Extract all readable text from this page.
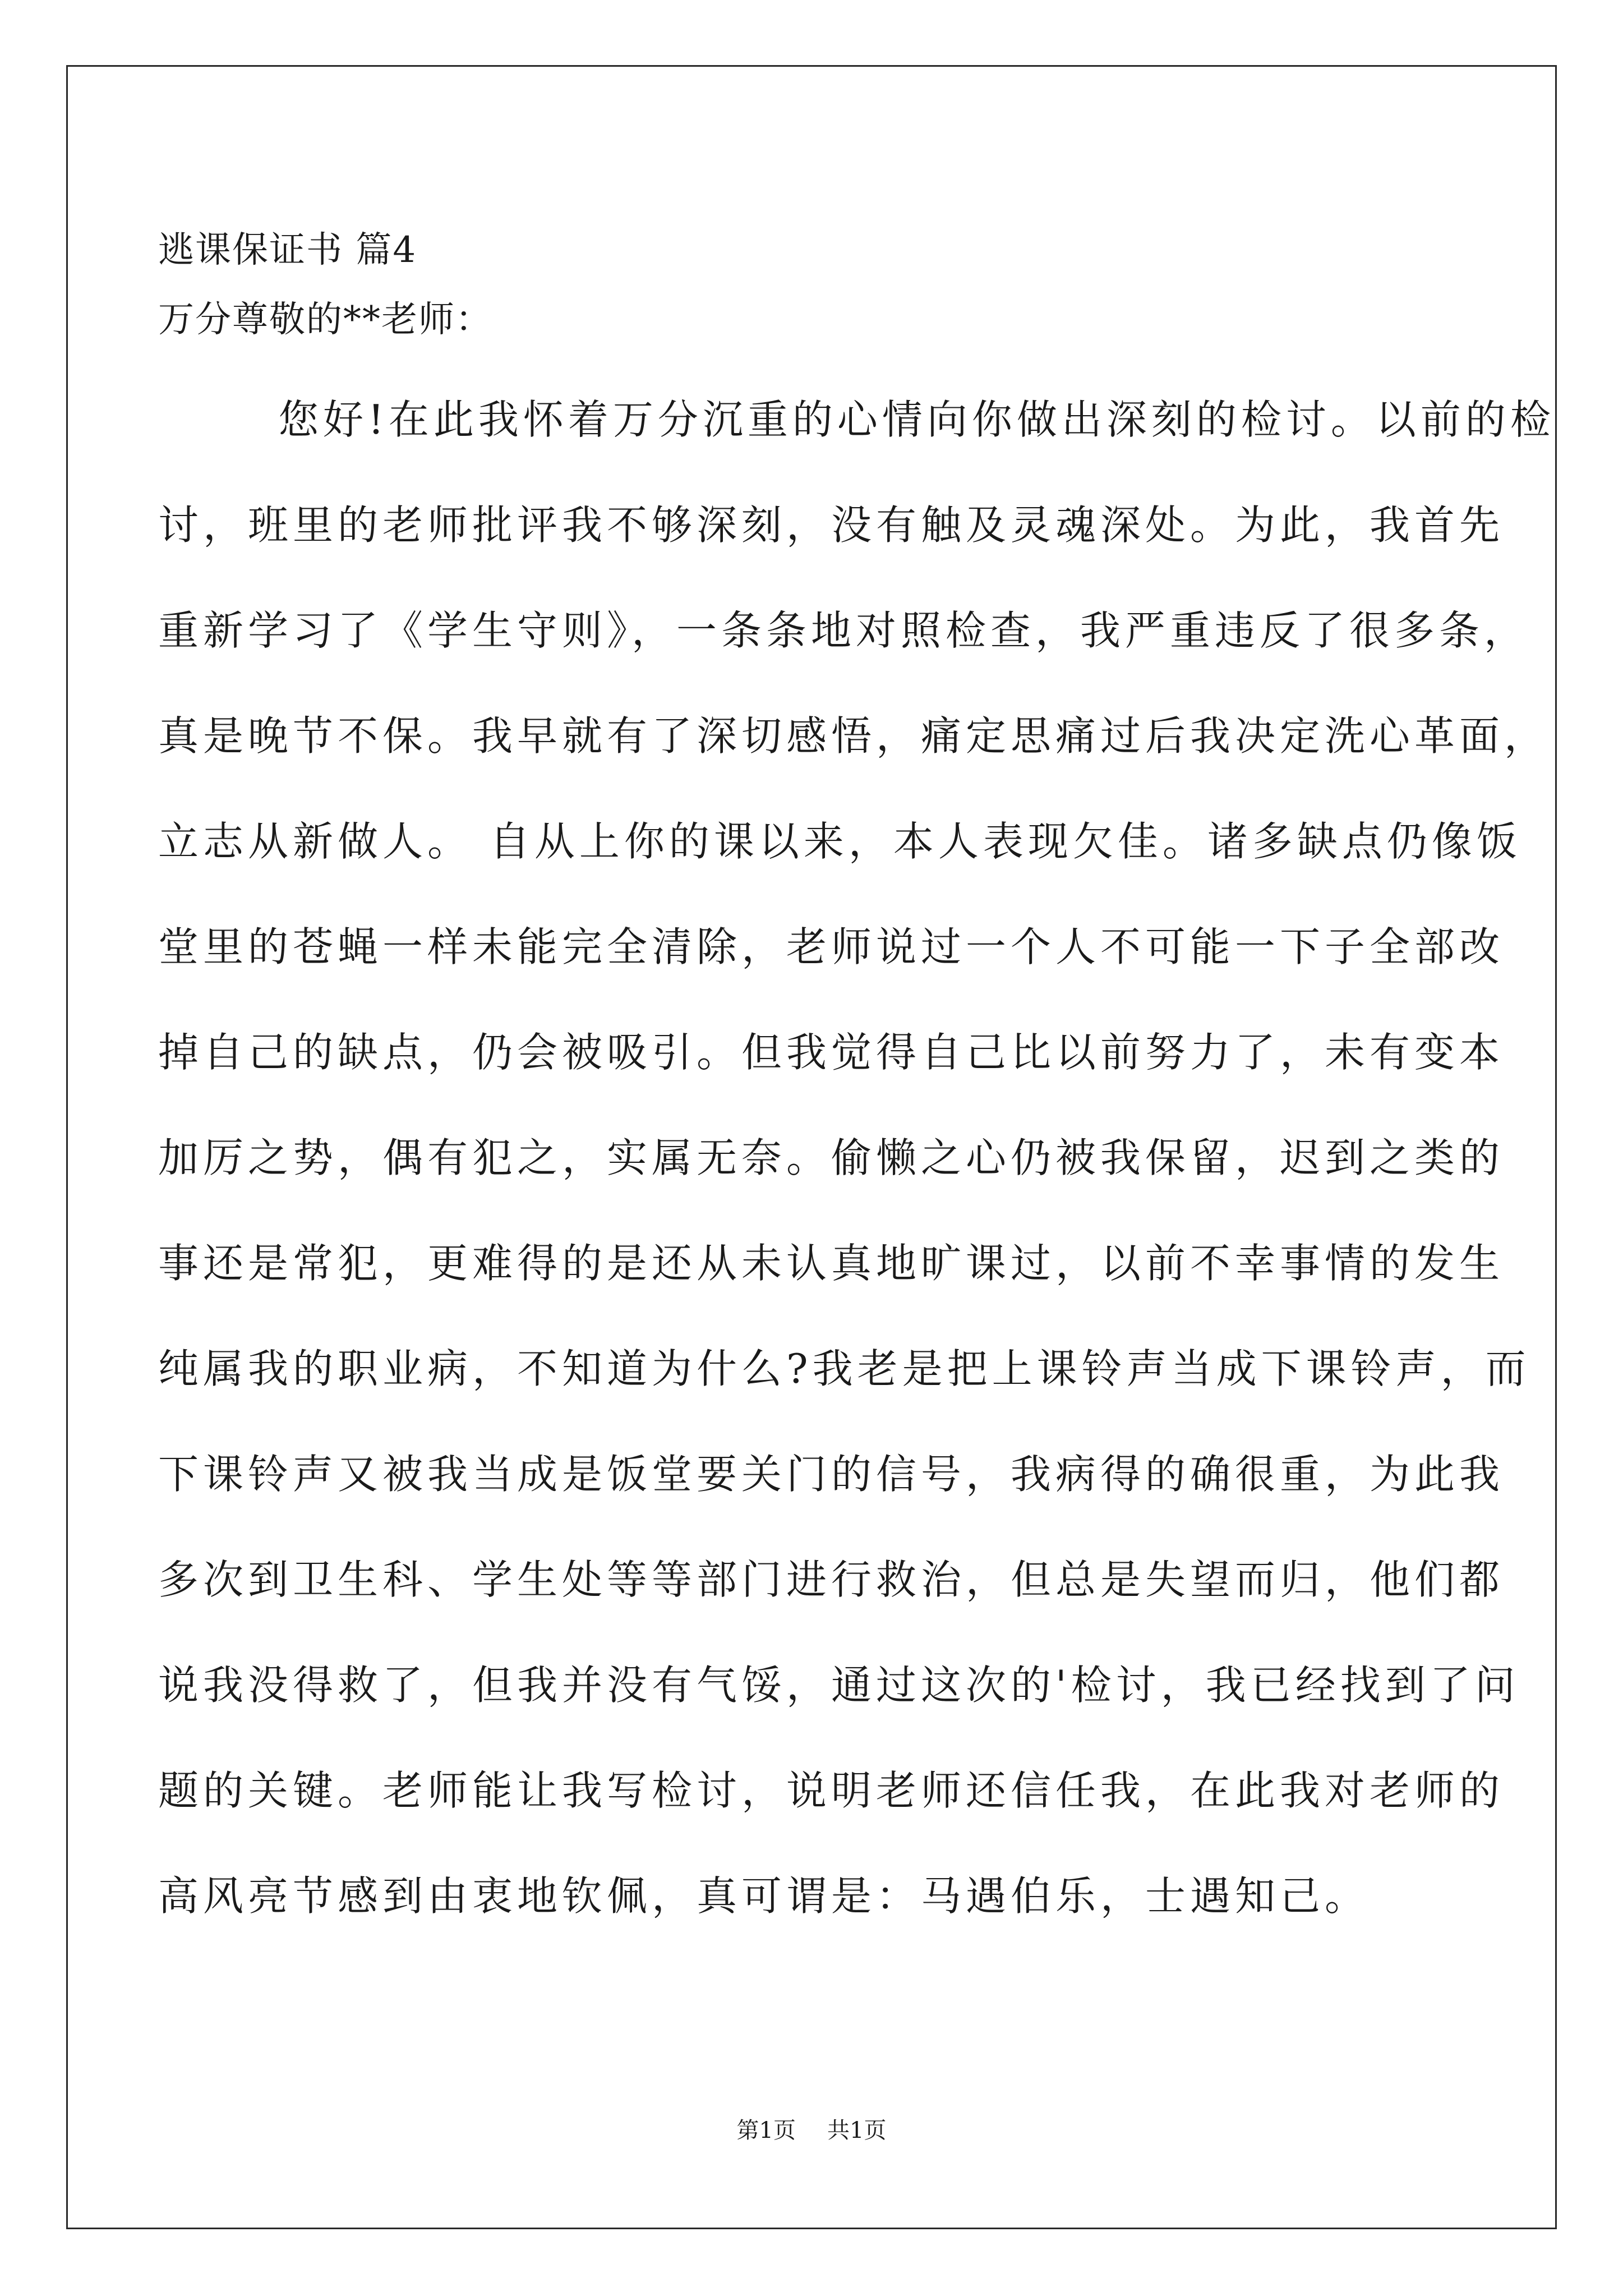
逃课保证书 篇4
万分尊敬的**老师：
您好!在此我怀着万分沉重的心情向你做出深刻的检讨。以前的检
讨，班里的老师批评我不够深刻，没有触及灵魂深处。为此，我首先
重新学习了《学生守则》，一条条地对照检查，我严重违反了很多条，
真是晚节不保。我早就有了深切感悟，痛定思痛过后我决定洗心革面，
立志从新做人。 自从上你的课以来，本人表现欠佳。诸多缺点仍像饭
堂里的苍蝇一样未能完全清除，老师说过一个人不可能一下子全部改
掉自己的缺点，仍会被吸引。但我觉得自己比以前努力了，未有变本
加厉之势，偶有犯之，实属无奈。偷懒之心仍被我保留，迟到之类的
事还是常犯，更难得的是还从未认真地旷课过，以前不幸事情的发生
纯属我的职业病，不知道为什么?我老是把上课铃声当成下课铃声，而
下课铃声又被我当成是饭堂要关门的信号，我病得的确很重，为此我
多次到卫生科、学生处等等部门进行救治，但总是失望而归，他们都
说我没得救了，但我并没有气馁，通过这次的'检讨，我已经找到了问
题的关键。老师能让我写检讨，说明老师还信任我，在此我对老师的
高风亮节感到由衷地钦佩，真可谓是：马遇伯乐，士遇知己。
第1页 共1页
